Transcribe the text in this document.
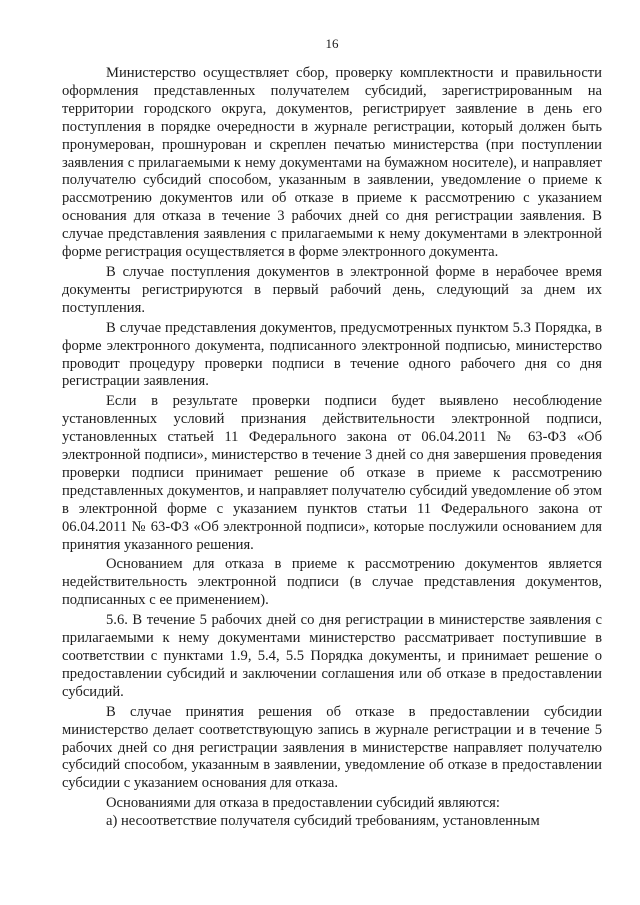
16

Министерство осуществляет сбор, проверку комплектности и правильности оформления представленных получателем субсидий, зарегистрированным на территории городского округа, документов, регистрирует заявление в день его поступления в порядке очередности в журнале регистрации, который должен быть пронумерован, прошнурован и скреплен печатью министерства (при поступлении заявления с прилагаемыми к нему документами на бумажном носителе), и направляет получателю субсидий способом, указанным в заявлении, уведомление о приеме к рассмотрению документов или об отказе в приеме к рассмотрению с указанием основания для отказа в течение 3 рабочих дней со дня регистрации заявления. В случае представления заявления с прилагаемыми к нему документами в электронной форме регистрация осуществляется в форме электронного документа.

В случае поступления документов в электронной форме в нерабочее время документы регистрируются в первый рабочий день, следующий за днем их поступления.

В случае представления документов, предусмотренных пунктом 5.3 Порядка, в форме электронного документа, подписанного электронной подписью, министерство проводит процедуру проверки подписи в течение одного рабочего дня со дня регистрации заявления.

Если в результате проверки подписи будет выявлено несоблюдение установленных условий признания действительности электронной подписи, установленных статьей 11 Федерального закона от 06.04.2011 № 63-ФЗ «Об электронной подписи», министерство в течение 3 дней со дня завершения проведения проверки подписи принимает решение об отказе в приеме к рассмотрению представленных документов, и направляет получателю субсидий уведомление об этом в электронной форме с указанием пунктов статьи 11 Федерального закона от 06.04.2011 № 63-ФЗ «Об электронной подписи», которые послужили основанием для принятия указанного решения.

Основанием для отказа в приеме к рассмотрению документов является недействительность электронной подписи (в случае представления документов, подписанных с ее применением).

5.6. В течение 5 рабочих дней со дня регистрации в министерстве заявления с прилагаемыми к нему документами министерство рассматривает поступившие в соответствии с пунктами 1.9, 5.4, 5.5 Порядка документы, и принимает решение о предоставлении субсидий и заключении соглашения или об отказе в предоставлении субсидий.

В случае принятия решения об отказе в предоставлении субсидии министерство делает соответствующую запись в журнале регистрации и в течение 5 рабочих дней со дня регистрации заявления в министерстве направляет получателю субсидий способом, указанным в заявлении, уведомление об отказе в предоставлении субсидии с указанием основания для отказа.

Основаниями для отказа в предоставлении субсидий являются:

а) несоответствие получателя субсидий требованиям, установленным
